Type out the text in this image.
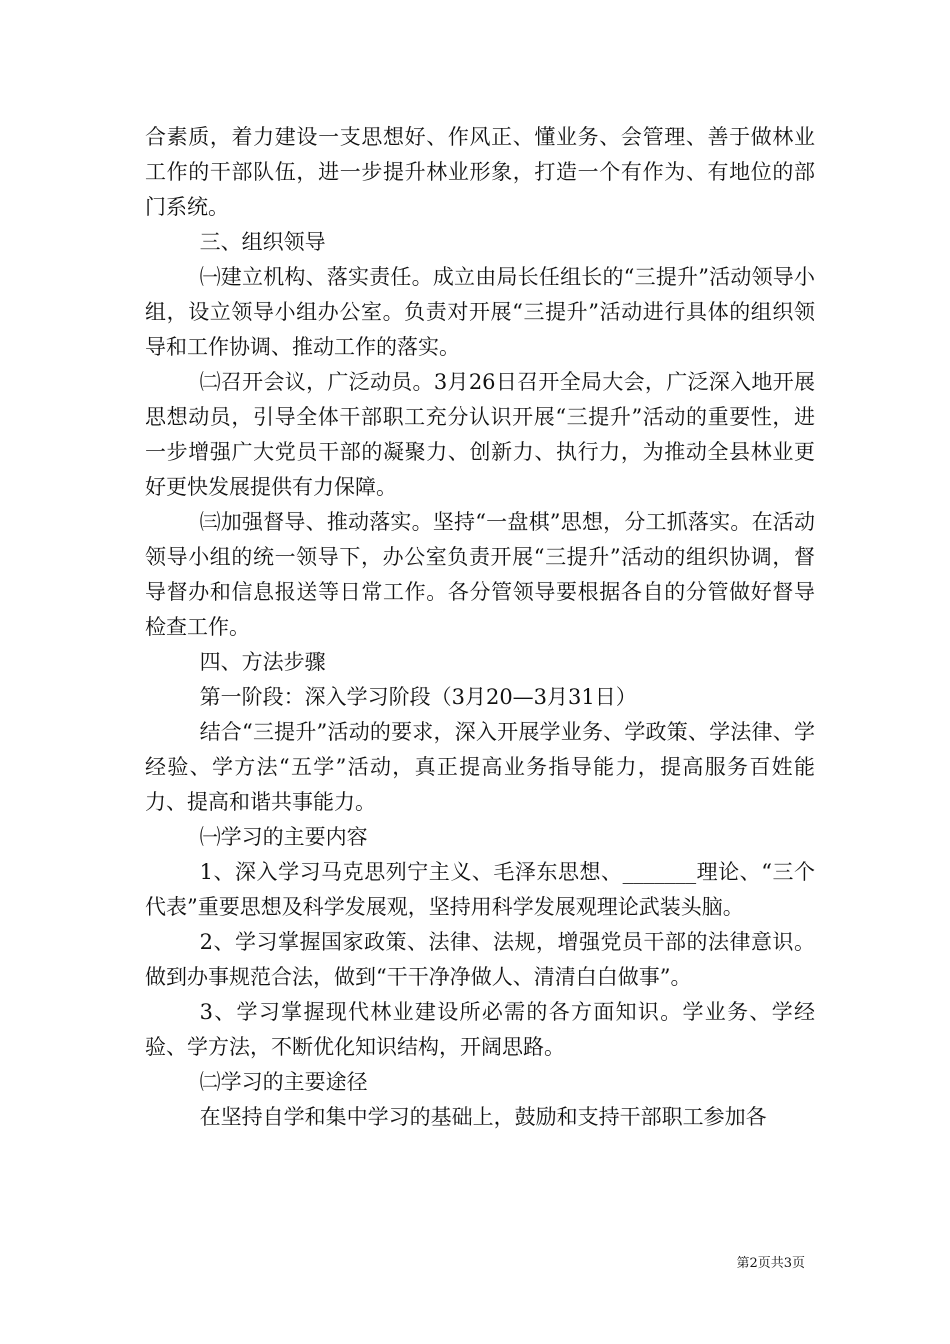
合素质，着力建设一支思想好、作风正、懂业务、会管理、善于做林业工作的干部队伍，进一步提升林业形象，打造一个有作为、有地位的部门系统。

三、组织领导

㈠建立机构、落实责任。成立由局长任组长的“三提升”活动领导小组，设立领导小组办公室。负责对开展“三提升”活动进行具体的组织领导和工作协调、推动工作的落实。

㈡召开会议，广泛动员。3月26日召开全局大会，广泛深入地开展思想动员，引导全体干部职工充分认识开展“三提升”活动的重要性，进一步增强广大党员干部的凝聚力、创新力、执行力，为推动全县林业更好更快发展提供有力保障。

㈢加强督导、推动落实。坚持“一盘棋”思想，分工抓落实。在活动领导小组的统一领导下，办公室负责开展“三提升”活动的组织协调，督导督办和信息报送等日常工作。各分管领导要根据各自的分管做好督导检查工作。

四、方法步骤

第一阶段：深入学习阶段（3月20—3月31日）

结合“三提升”活动的要求，深入开展学业务、学政策、学法律、学经验、学方法“五学”活动，真正提高业务指导能力，提高服务百姓能力、提高和谐共事能力。

㈠学习的主要内容

1、深入学习马克思列宁主义、毛泽东思想、_______理论、“三个代表”重要思想及科学发展观，坚持用科学发展观理论武装头脑。

2、学习掌握国家政策、法律、法规，增强党员干部的法律意识。做到办事规范合法，做到“干干净净做人、清清白白做事”。

3、学习掌握现代林业建设所必需的各方面知识。学业务、学经验、学方法，不断优化知识结构，开阔思路。

㈡学习的主要途径

在坚持自学和集中学习的基础上，鼓励和支持干部职工参加各

第2页共3页
